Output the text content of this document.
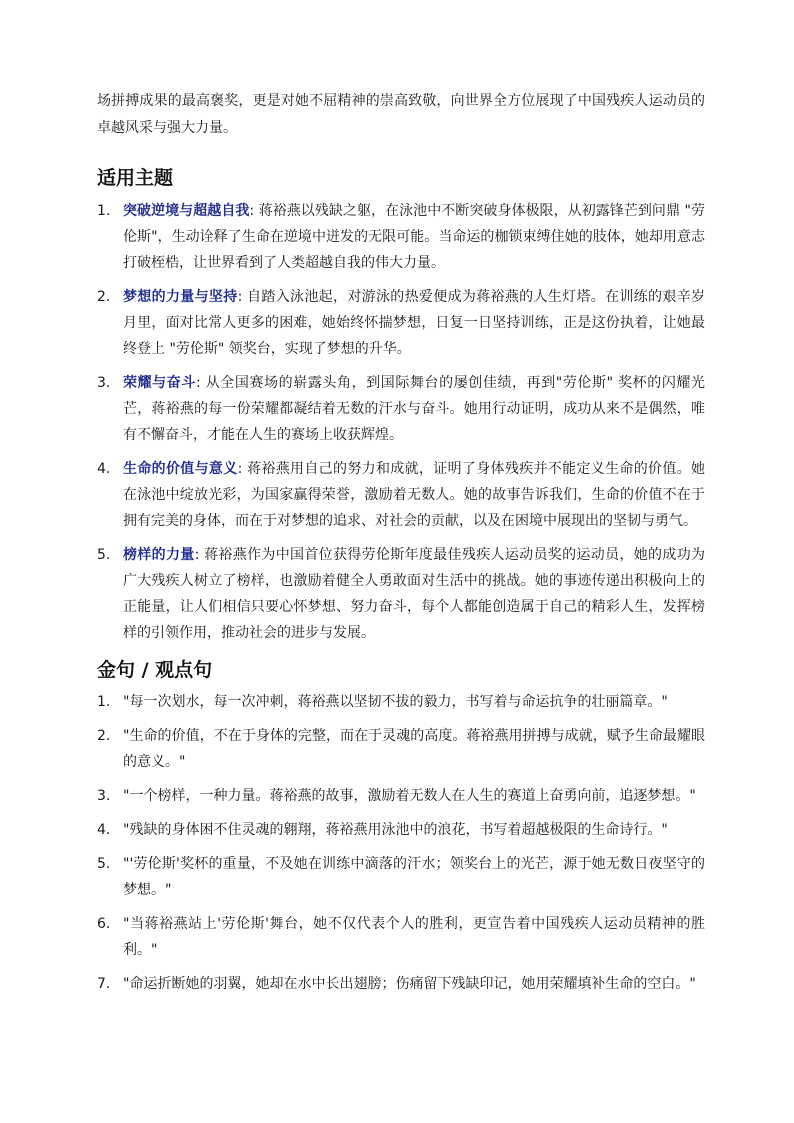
场拼搏成果的最高褒奖，更是对她不屈精神的崇高致敬，向世界全方位展现了中国残疾人运动员的卓越风采与强大力量。

适用主题
1. 突破逆境与超越自我: 蒋裕燕以残缺之躯，在泳池中不断突破身体极限，从初露锋芒到问鼎 "劳伦斯"，生动诠释了生命在逆境中迸发的无限可能。当命运的枷锁束缚住她的肢体，她却用意志打破桎梏，让世界看到了人类超越自我的伟大力量。
2. 梦想的力量与坚持: 自踏入泳池起，对游泳的热爱便成为蒋裕燕的人生灯塔。在训练的艰辛岁月里，面对比常人更多的困难，她始终怀揣梦想，日复一日坚持训练，正是这份执着，让她最终登上 "劳伦斯" 领奖台，实现了梦想的升华。
3. 荣耀与奋斗: 从全国赛场的崭露头角，到国际舞台的屡创佳绩，再到"劳伦斯" 奖杯的闪耀光芒，蒋裕燕的每一份荣耀都凝结着无数的汗水与奋斗。她用行动证明，成功从来不是偶然，唯有不懈奋斗，才能在人生的赛场上收获辉煌。
4. 生命的价值与意义: 蒋裕燕用自己的努力和成就，证明了身体残疾并不能定义生命的价值。她在泳池中绽放光彩，为国家赢得荣誉，激励着无数人。她的故事告诉我们，生命的价值不在于拥有完美的身体，而在于对梦想的追求、对社会的贡献，以及在困境中展现出的坚韧与勇气。
5. 榜样的力量: 蒋裕燕作为中国首位获得劳伦斯年度最佳残疾人运动员奖的运动员，她的成功为广大残疾人树立了榜样，也激励着健全人勇敢面对生活中的挑战。她的事迹传递出积极向上的正能量，让人们相信只要心怀梦想、努力奋斗，每个人都能创造属于自己的精彩人生，发挥榜样的引领作用，推动社会的进步与发展。
金句 / 观点句
1. "每一次划水，每一次冲刺，蒋裕燕以坚韧不拔的毅力，书写着与命运抗争的壮丽篇章。"
2. "生命的价值，不在于身体的完整，而在于灵魂的高度。蒋裕燕用拼搏与成就，赋予生命最耀眼的意义。"
3. "一个榜样，一种力量。蒋裕燕的故事，激励着无数人在人生的赛道上奋勇向前，追逐梦想。"
4. "残缺的身体困不住灵魂的翱翔，蒋裕燕用泳池中的浪花，书写着超越极限的生命诗行。"
5. "'劳伦斯'奖杯的重量，不及她在训练中滴落的汗水；领奖台上的光芒，源于她无数日夜坚守的梦想。"
6. "当蒋裕燕站上'劳伦斯'舞台，她不仅代表个人的胜利，更宣告着中国残疾人运动员精神的胜利。"
7. "命运折断她的羽翼，她却在水中长出翅膀；伤痛留下残缺印记，她用荣耀填补生命的空白。"
